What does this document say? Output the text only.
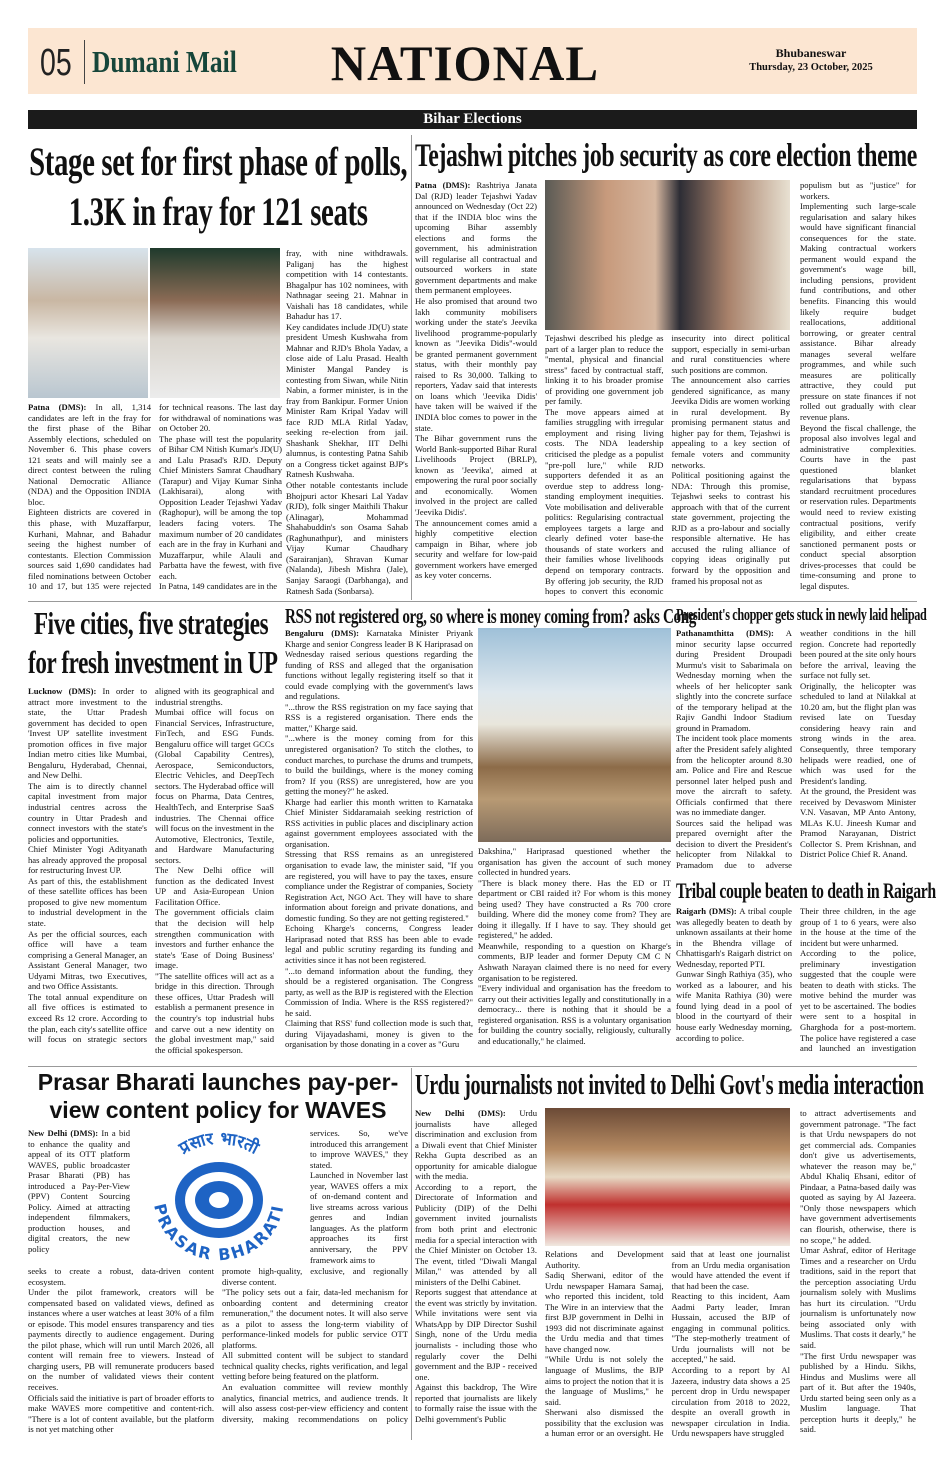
05 Dumani Mail NATIONAL	Bhubaneswar
Thursday, 23 October, 2025
Bihar Elections
Stage set for first phase of polls,
1.3K in fray for 121 seats

Patna (DMS): In all, 1,314 candidates are left in the fray for the first phase of the Bihar Assembly elections, scheduled on November 6. This phase covers 121 seats and will mainly see a direct contest between the ruling National Democratic Alliance (NDA) and the Opposition INDIA bloc.

Eighteen districts are covered in this phase, with Muzaffarpur, Kurhani, Mahnar, and Bahadur seeing the highest number of contestants. Election Commission sources said 1,690 candidates had filed nominations between October 10 and 17, but 135 were rejected for technical reasons. The last day for withdrawal of nominations was on October 20.

The phase will test the popularity of Bihar CM Nitish Kumar's JD(U) and Lalu Prasad's RJD. Deputy Chief Ministers Samrat Chaudhary (Tarapur) and Vijay Kumar Sinha (Lakhisarai), along with Opposition Leader Tejashwi Yadav (Raghopur), will be among the top leaders facing voters. The maximum number of 20 candidates each are in the fray in Kurhani and Muzaffarpur, while Alauli and Parbatta have the fewest, with five each.

In Patna, 149 candidates are in the

fray, with nine withdrawals. Paliganj has the highest competition with 14 contestants. Bhagalpur has 102 nominees, with Nathnagar seeing 21. Mahnar in Vaishali has 18 candidates, while Bahadur has 17.

Key candidates include JD(U) state president Umesh Kushwaha from Mahnar and RJD's Bhola Yadav, a close aide of Lalu Prasad. Health Minister Mangal Pandey is contesting from Siwan, while Nitin Nabin, a former minister, is in the fray from Bankipur. Former Union Minister Ram Kripal Yadav will face RJD MLA Ritlal Yadav, seeking re-election from jail. Shashank Shekhar, IIT Delhi alumnus, is contesting Patna Sahib on a Congress ticket against BJP's Ratnesh Kushwaha.

Other notable contestants include Bhojpuri actor Khesari Lal Yadav (RJD), folk singer Maithili Thakur (Alinagar), Mohammad Shahabuddin's son Osama Sahab (Raghunathpur), and ministers Vijay Kumar Chaudhary (Sarairanjan), Shravan Kumar (Nalanda), Jibesh Mishra (Jale), Sanjay Saraogi (Darbhanga), and Ratnesh Sada (Sonbarsa).

Tejashwi pitches job security as core election theme

Patna (DMS): Rashtriya Janata Dal (RJD) leader Tejashwi Yadav announced on Wednesday (Oct 22) that if the INDIA bloc wins the upcoming Bihar assembly elections and forms the government, his administration will regularise all contractual and outsourced workers in state government departments and make them permanent employees.

He also promised that around two lakh community mobilisers working under the state's Jeevika livelihood programme-popularly known as "Jeevika Didis"-would be granted permanent government status, with their monthly pay raised to Rs 30,000. Talking to reporters, Yadav said that interests on loans which 'Jeevika Didis' have taken will be waived if the INDIA bloc comes to power in the state.

The Bihar government runs the World Bank-supported Bihar Rural Livelihoods Project (BRLP), known as 'Jeevika', aimed at empowering the rural poor socially and economically. Women involved in the project are called 'Jeevika Didis'.

The announcement comes amid a highly competitive election campaign in Bihar, where job security and welfare for low-paid government workers have emerged as key voter concerns.

Tejashwi described his pledge as part of a larger plan to reduce the "mental, physical and financial stress" faced by contractual staff, linking it to his broader promise of providing one government job per family.

The move appears aimed at families struggling with irregular employment and rising living costs. The NDA leadership criticised the pledge as a populist "pre-poll lure," while RJD supporters defended it as an overdue step to address long-standing employment inequities. Vote mobilisation and deliverable politics: Regularising contractual employees targets a large and clearly defined voter base-the thousands of state workers and their families whose livelihoods depend on temporary contracts. By offering job security, the RJD hopes to convert this economic insecurity into direct political support, especially in semi-urban and rural constituencies where such positions are common.

The announcement also carries gendered significance, as many Jeevika Didis are women working in rural development. By promising permanent status and higher pay for them, Tejashwi is appealing to a key section of female voters and community networks.

Political positioning against the NDA: Through this promise, Tejashwi seeks to contrast his approach with that of the current state government, projecting the RJD as a pro-labour and socially responsible alternative. He has accused the ruling alliance of copying ideas originally put forward by the opposition and framed his proposal not as

populism but as "justice" for workers.

Implementing such large-scale regularisation and salary hikes would have significant financial consequences for the state. Making contractual workers permanent would expand the government's wage bill, including pensions, provident fund contributions, and other benefits. Financing this would likely require budget reallocations, additional borrowing, or greater central assistance. Bihar already manages several welfare programmes, and while such measures are politically attractive, they could put pressure on state finances if not rolled out gradually with clear revenue plans.

Beyond the fiscal challenge, the proposal also involves legal and administrative complexities. Courts have in the past questioned blanket regularisations that bypass standard recruitment procedures or reservation rules. Departments would need to review existing contractual positions, verify eligibility, and either create sanctioned permanent posts or conduct special absorption drives-processes that could be time-consuming and prone to legal disputes.

Five cities, five strategies
for fresh investment in UP

Lucknow (DMS): In order to attract more investment to the state, the Uttar Pradesh government has decided to open 'Invest UP' satellite investment promotion offices in five major Indian metro cities like Mumbai, Bengaluru, Hyderabad, Chennai, and New Delhi.

The aim is to directly channel capital investment from major industrial centres across the country in Uttar Pradesh and connect investors with the state's policies and opportunities.

Chief Minister Yogi Adityanath has already approved the proposal for restructuring Invest UP.

As part of this, the establishment of these satellite offices has been proposed to give new momentum to industrial development in the state.

As per the official sources, each office will have a team comprising a General Manager, an Assistant General Manager, two Udyami Mitras, two Executives, and two Office Assistants.

The total annual expenditure on all five offices is estimated to exceed Rs 12 crore. According to the plan, each city's satellite office will focus on strategic sectors aligned with its geographical and industrial strengths.

Mumbai office will focus on Financial Services, Infrastructure, FinTech, and ESG Funds. Bengaluru office will target GCCs (Global Capability Centres), Aerospace, Semiconductors, Electric Vehicles, and DeepTech sectors. The Hyderabad office will focus on Pharma, Data Centres, HealthTech, and Enterprise SaaS industries. The Chennai office will focus on the investment in the Automotive, Electronics, Textile, and Hardware Manufacturing sectors.

The New Delhi office will function as the dedicated Invest UP and Asia-European Union Facilitation Office.

The government officials claim that the decision will help strengthen communication with investors and further enhance the state's 'Ease of Doing Business' image.

"The satellite offices will act as a bridge in this direction. Through these offices, Uttar Pradesh will establish a permanent presence in the country's top industrial hubs and carve out a new identity on the global investment map," said the official spokesperson.

RSS not registered org, so where is money coming from? asks Cong

Bengaluru (DMS): Karnataka Minister Priyank Kharge and senior Congress leader B K Hariprasad on Wednesday raised serious questions regarding the funding of RSS and alleged that the organisation functions without legally registering itself so that it could evade complying with the government's laws and regulations.

"...throw the RSS registration on my face saying that RSS is a registered organisation. There ends the matter," Kharge said.

"...where is the money coming from for this unregistered organisation? To stitch the clothes, to conduct marches, to purchase the drums and trumpets, to build the buildings, where is the money coming from? If you (RSS) are unregistered, how are you getting the money?" he asked.

Kharge had earlier this month written to Karnataka Chief Minister Siddaramaiah seeking restriction of RSS activities in public places and disciplinary action against government employees associated with the organisation.

Stressing that RSS remains as an unregistered organisation to evade law, the minister said, "If you are registered, you will have to pay the taxes, ensure compliance under the Registrar of companies, Society Registration Act, NGO Act. They will have to share information about foreign and private donations, and domestic funding. So they are not getting registered."

Echoing Kharge's concerns, Congress leader Hariprasad noted that RSS has been able to evade legal and public scrutiny regarding its funding and activities since it has not been registered.

"...to demand information about the funding, they should be a registered organisation. The Congress party, as well as the BJP is registered with the Election Commission of India. Where is the RSS registered?" he said.

Claiming that RSS' fund collection mode is such that, during Vijayadashami, money is given to the organisation by those donating in a cover as "Guru

Dakshina," Hariprasad questioned whether the organisation has given the account of such money collected in hundred years.

"There is black money there. Has the ED or IT department or CBI raided it? For whom is this money being used? They have constructed a Rs 700 crore building. Where did the money come from? They are doing it illegally. If I have to say. They should get registered," he added.

Meanwhile, responding to a question on Kharge's comments, BJP leader and former Deputy CM C N Ashwath Narayan claimed there is no need for every organisation to be registered.

"Every individual and organisation has the freedom to carry out their activities legally and constitutionally in a democracy... there is nothing that it should be a registered organisation. RSS is a voluntary organisation for building the country socially, religiously, culturally and educationally," he claimed.

President's chopper gets stuck in newly laid helipad

Pathanamthitta (DMS): A minor security lapse occurred during President Droupadi Murmu's visit to Sabarimala on Wednesday morning when the wheels of her helicopter sank slightly into the concrete surface of the temporary helipad at the Rajiv Gandhi Indoor Stadium ground in Pramadom.

The incident took place moments after the President safely alighted from the helicopter around 8.30 am. Police and Fire and Rescue personnel later helped push and move the aircraft to safety. Officials confirmed that there was no immediate danger.

Sources said the helipad was prepared overnight after the decision to divert the President's helicopter from Nilakkal to Pramadom due to adverse weather conditions in the hill region. Concrete had reportedly been poured at the site only hours before the arrival, leaving the surface not fully set.

Originally, the helicopter was scheduled to land at Nilakkal at 10.20 am, but the flight plan was revised late on Tuesday considering heavy rain and strong winds in the area. Consequently, three temporary helipads were readied, one of which was used for the President's landing.

At the ground, the President was received by Devaswom Minister V.N. Vasavan, MP Anto Antony, MLAs K.U. Jineesh Kumar and Pramod Narayanan, District Collector S. Prem Krishnan, and District Police Chief R. Anand.

Tribal couple beaten to death in Raigarh

Raigarh (DMS): A tribal couple was allegedly beaten to death by unknown assailants at their home in the Bhendra village of Chhattisgarh's Raigarh district on Wednesday, reported PTI.

Gunwar Singh Rathiya (35), who worked as a labourer, and his wife Manita Rathiya (30) were found lying dead in a pool of blood in the courtyard of their house early Wednesday morning, according to police.

Their three children, in the age group of 1 to 6 years, were also in the house at the time of the incident but were unharmed.

According to the police, preliminary investigation suggested that the couple were beaten to death with sticks. The motive behind the murder was yet to be ascertained. The bodies were sent to a hospital in Gharghoda for a post-mortem. The police have registered a case and launched an investigation

Prasar Bharati launches pay-per-
view content policy for WAVES

New Delhi (DMS): In a bid to enhance the quality and appeal of its OTT platform WAVES, public broadcaster Prasar Bharati (PB) has introduced a Pay-Per-View (PPV) Content Sourcing Policy. Aimed at attracting independent filmmakers, production houses, and digital creators, the new policy

प्रसार भारती
PRASAR BHARATI

services. So, we've introduced this arrangement to improve WAVES," they stated.

Launched in November last year, WAVES offers a mix of on-demand content and live streams across various genres and Indian languages. As the platform approaches its first anniversary, the PPV framework aims to

seeks to create a robust, data-driven content ecosystem.

Under the pilot framework, creators will be compensated based on validated views, defined as instances where a user watches at least 30% of a film or episode. This model ensures transparency and ties payments directly to audience engagement. During the pilot phase, which will run until March 2026, all content will remain free to viewers. Instead of charging users, PB will remunerate producers based on the number of validated views their content receives.

Officials said the initiative is part of broader efforts to make WAVES more competitive and content-rich. "There is a lot of content available, but the platform is not yet matching other

promote high-quality, exclusive, and regionally diverse content.

"The policy sets out a fair, data-led mechanism for onboarding content and determining creator remuneration," the document notes. It will also serve as a pilot to assess the long-term viability of performance-linked models for public service OTT platforms.

All submitted content will be subject to standard technical quality checks, rights verification, and legal vetting before being featured on the platform.

An evaluation committee will review monthly analytics, financial metrics, and audience trends. It will also assess cost-per-view efficiency and content diversity, making recommendations on policy

Urdu journalists not invited to Delhi Govt's media interaction

New Delhi (DMS): Urdu journalists have alleged discrimination and exclusion from a Diwali event that Chief Minister Rekha Gupta described as an opportunity for amicable dialogue with the media.

According to a report, the Directorate of Information and Publicity (DIP) of the Delhi government invited journalists from both print and electronic media for a special interaction with the Chief Minister on October 13. The event, titled "Diwali Mangal Milan," was attended by all ministers of the Delhi Cabinet.

Reports suggest that attendance at the event was strictly by invitation. While invitations were sent via WhatsApp by DIP Director Sushil Singh, none of the Urdu media journalists - including those who regularly cover the Delhi government and the BJP - received one.

Against this backdrop, The Wire reported that journalists are likely to formally raise the issue with the Delhi government's Public

Relations and Development Authority.

Sadiq Sherwani, editor of the Urdu newspaper Hamara Samaj, who reported this incident, told The Wire in an interview that the first BJP government in Delhi in 1993 did not discriminate against the Urdu media and that times have changed now.

"While Urdu is not solely the language of Muslims, the BJP aims to project the notion that it is the language of Muslims," he said.

Sherwani also dismissed the possibility that the exclusion was a human error or an oversight. He said that at least one journalist from an Urdu media organisation would have attended the event if that had been the case.

Reacting to this incident, Aam Aadmi Party leader, Imran Hussain, accused the BJP of engaging in communal politics. "The step-motherly treatment of Urdu journalists will not be accepted," he said.

According to a report by Al Jazeera, industry data shows a 25 percent drop in Urdu newspaper circulation from 2018 to 2022, despite an overall growth in newspaper circulation in India. Urdu newspapers have struggled

to attract advertisements and government patronage. "The fact is that Urdu newspapers do not get commercial ads. Companies don't give us advertisements, whatever the reason may be," Abdul Khaliq Ehsani, editor of Pindaar, a Patna-based daily was quoted as saying by Al Jazeera. "Only those newspapers which have government advertisements can flourish, otherwise, there is no scope," he added.

Umar Ashraf, editor of Heritage Times and a researcher on Urdu traditions, said in the report that the perception associating Urdu journalism solely with Muslims has hurt its circulation. "Urdu journalism is unfortunately now being associated only with Muslims. That costs it dearly," he said.

"The first Urdu newspaper was published by a Hindu. Sikhs, Hindus and Muslims were all part of it. But after the 1940s, Urdu started being seen only as a Muslim language. That perception hurts it deeply," he said.
